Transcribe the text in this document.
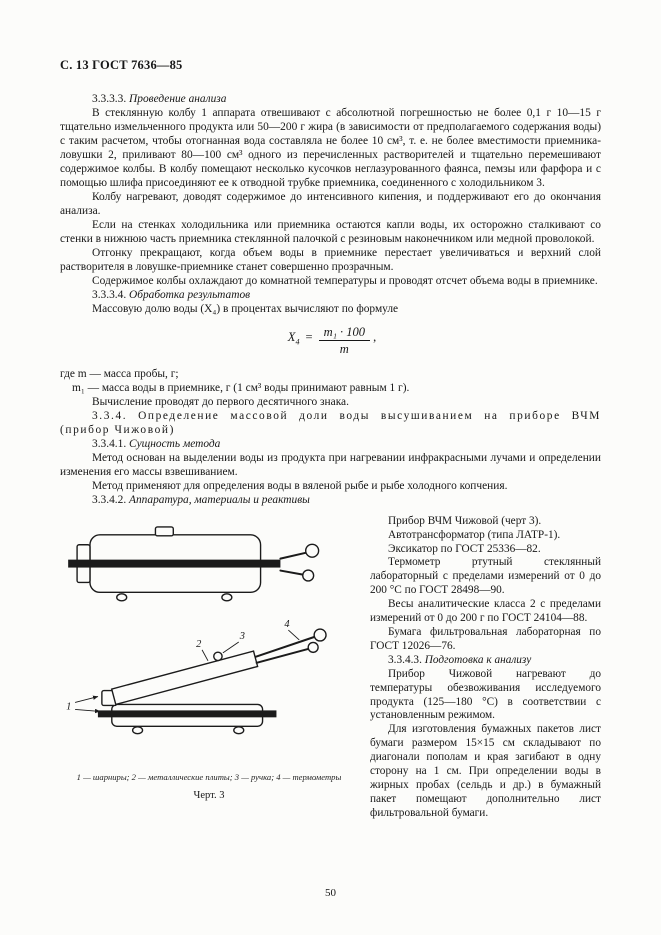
С. 13 ГОСТ 7636—85

3.3.3.3. Проведение анализа

В стеклянную колбу 1 аппарата отвешивают с абсолютной погрешностью не более 0,1 г 10—15 г тщательно измельченного продукта или 50—200 г жира (в зависимости от предполагаемого содержания воды) с таким расчетом, чтобы отогнанная вода составляла не более 10 см³, т. е. не более вместимости приемника-ловушки 2, приливают 80—100 см³ одного из перечисленных растворителей и тщательно перемешивают содержимое колбы. В колбу помещают несколько кусочков неглазурованного фаянса, пемзы или фарфора и с помощью шлифа присоединяют ее к отводной трубке приемника, соединенного с холодильником 3.

Колбу нагревают, доводят содержимое до интенсивного кипения, и поддерживают его до окончания анализа.

Если на стенках холодильника или приемника остаются капли воды, их осторожно сталкивают со стенки в нижнюю часть приемника стеклянной палочкой с резиновым наконечником или медной проволокой.

Отгонку прекращают, когда объем воды в приемнике перестает увеличиваться и верхний слой растворителя в ловушке-приемнике станет совершенно прозрачным.

Содержимое колбы охлаждают до комнатной температуры и проводят отсчет объема воды в приемнике.

3.3.3.4. Обработка результатов

Массовую долю воды (X₄) в процентах вычисляют по формуле

$X_4 = \frac{\text{m₁ · 100}}{m}$ ,

где m — масса пробы, г;

m₁ — масса воды в приемнике, г (1 см³ воды принимают равным 1 г).

Вычисление проводят до первого десятичного знака.

3.3.4. Определение массовой доли воды высушиванием на приборе ВЧМ (прибор Чижовой)

3.3.4.1. Сущность метода

Метод основан на выделении воды из продукта при нагревании инфракрасными лучами и определении изменения его массы взвешиванием.

Метод применяют для определения воды в вяленой рыбе и рыбе холодного копчения.

3.3.4.2. Аппаратура, материалы и реактивы

1
2
3
4
1 — шарниры; 2 — металлические плиты; 3 — ручка; 4 — термометры
Черт. 3

Прибор ВЧМ Чижовой (черт 3).

Автотрансформатор (типа ЛАТР-1).

Эксикатор по ГОСТ 25336—82.

Термометр ртутный стеклянный лабораторный с пределами измерений от 0 до 200 °С по ГОСТ 28498—90.

Весы аналитические класса 2 с пределами измерений от 0 до 200 г по ГОСТ 24104—88.

Бумага фильтровальная лабораторная по ГОСТ 12026—76.

3.3.4.3. Подготовка к анализу

Прибор Чижовой нагревают до температуры обезвоживания исследуемого продукта (125—180 °С) в соответствии с установленным режимом.

Для изготовления бумажных пакетов лист бумаги размером 15×15 см складывают по диагонали пополам и края загибают в одну сторону на 1 см. При определении воды в жирных пробах (сельдь и др.) в бумажный пакет помещают дополнительно лист фильтровальной бумаги.

50
